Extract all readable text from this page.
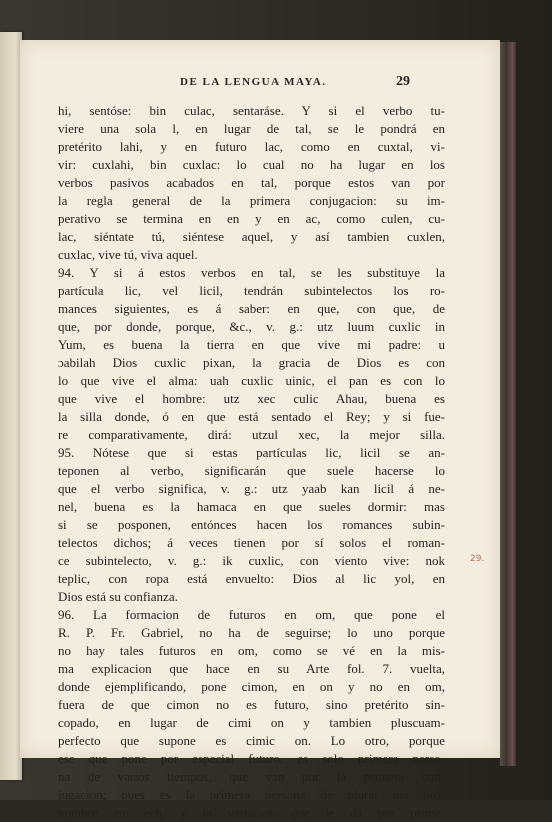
DE LA LENGUA MAYA.	29
hi, sentóse: bin culac, sentaráse. Y si el verbo tu-
viere una sola l, en lugar de tal, se le pondrá en
pretérito lahi, y en futuro lac, como en cuxtal, vi-
vir: cuxlahi, bin cuxlac: lo cual no ha lugar en los
verbos pasivos acabados en tal, porque estos van por
la regla general de la primera conjugacion: su im-
perativo se termina en en y en ac, como culen, cu-
lac, siéntate tú, siéntese aquel, y así tambien cuxlen,
cuxlac, vive tú, viva aquel.
94. Y si á estos verbos en tal, se les substituye la
partícula lic, vel licil, tendrán subintelectos los ro-
mances siguientes, es á saber: en que, con que, de
que, por donde, porque, &c., v. g.: utz luum cuxlic in
Yum, es buena la tierra en que vive mi padre: u
ɔabilah Dios cuxlic pixan, la gracia de Dios es con
lo que vive el alma: uah cuxlic uinic, el pan es con lo
que vive el hombre: utz xec culic Ahau, buena es
la silla donde, ó en que está sentado el Rey; y si fue-
re comparativamente, dirá: utzul xec, la mejor silla.
95. Nótese que si estas partículas lic, licil se an-
teponen al verbo, significarán que suele hacerse lo
que el verbo significa, v. g.: utz yaab kan licil á ne-
nel, buena es la hamaca en que sueles dormir: mas
si se posponen, entónces hacen los romances subin-
telectos dichos; á veces tienen por sí solos el roman-
ce subintelecto, v. g.: ik cuxlic, con viento vive: nok
teplic, con ropa está envuelto: Dios al lic yol, en
Dios está su confianza.
96. La formacion de futuros en om, que pone el
R. P. Fr. Gabriel, no ha de seguirse; lo uno porque
no hay tales futuros en om, como se vé en la mis-
ma explicacion que hace en su Arte fol. 7. vuelta,
donde ejemplificando, pone cimon, en on y no en om,
fuera de que cimon no es futuro, sino pretérito sin-
copado, en lugar de cimi on y tambien pluscuam-
perfecto que supone es cimic on. Lo otro, porque
ese que pone por especial futuro, es solo primera perso-
na de varios tiempos, que van por la primera con-
jugacion; pues es la primera persona de plural del pro-
nombre en, ech, y la variacion que le dá por prime-
29.
